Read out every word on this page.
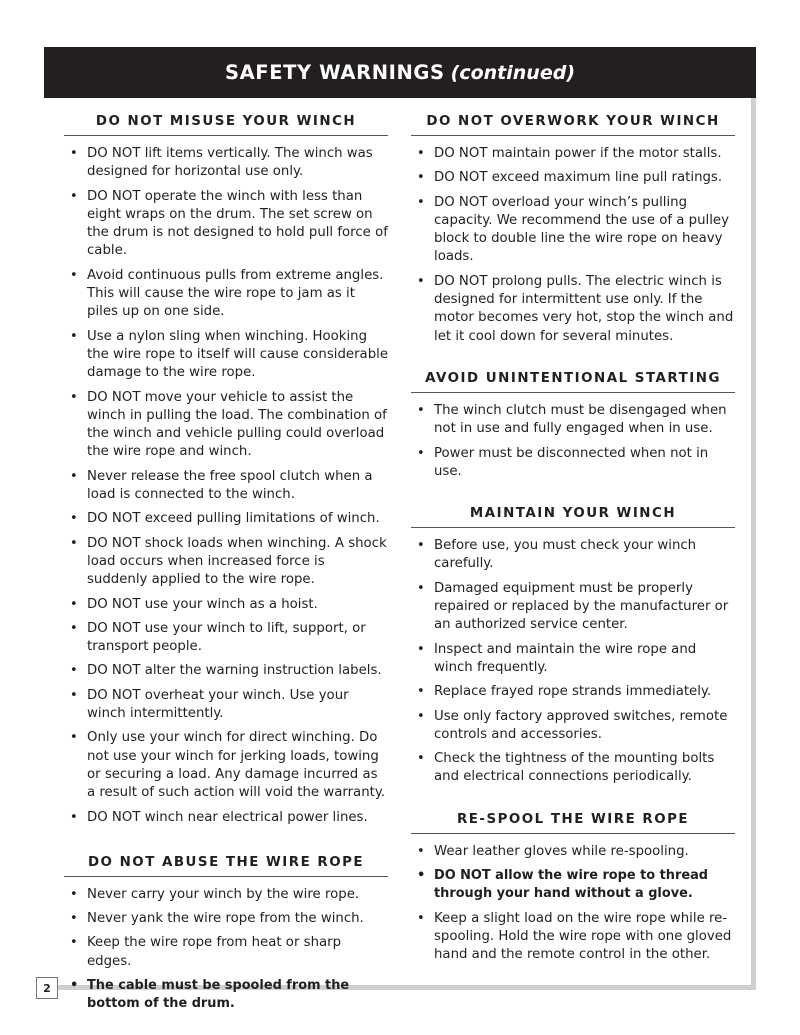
SAFETY WARNINGS (continued)
DO NOT MISUSE YOUR WINCH
• DO NOT lift items vertically. The winch was designed for horizontal use only.
• DO NOT operate the winch with less than eight wraps on the drum. The set screw on the drum is not designed to hold pull force of cable.
• Avoid continuous pulls from extreme angles. This will cause the wire rope to jam as it piles up on one side.
• Use a nylon sling when winching. Hooking the wire rope to itself will cause considerable damage to the wire rope.
• DO NOT move your vehicle to assist the winch in pulling the load. The combination of the winch and vehicle pulling could overload the wire rope and winch.
• Never release the free spool clutch when a load is connected to the winch.
• DO NOT exceed pulling limitations of winch.
• DO NOT shock loads when winching. A shock load occurs when increased force is suddenly applied to the wire rope.
• DO NOT use your winch as a hoist.
• DO NOT use your winch to lift, support, or transport people.
• DO NOT alter the warning instruction labels.
• DO NOT overheat your winch. Use your winch intermittently.
• Only use your winch for direct winching. Do not use your winch for jerking loads, towing or securing a load. Any damage incurred as a result of such action will void the warranty.
• DO NOT winch near electrical power lines.
DO NOT ABUSE THE WIRE ROPE
• Never carry your winch by the wire rope.
• Never yank the wire rope from the winch.
• Keep the wire rope from heat or sharp edges.
• The cable must be spooled from the bottom of the drum.
DO NOT OVERWORK YOUR WINCH
• DO NOT maintain power if the motor stalls.
• DO NOT exceed maximum line pull ratings.
• DO NOT overload your winch’s pulling capacity. We recommend the use of a pulley block to double line the wire rope on heavy loads.
• DO NOT prolong pulls. The electric winch is designed for intermittent use only. If the motor becomes very hot, stop the winch and let it cool down for several minutes.
AVOID UNINTENTIONAL STARTING
• The winch clutch must be disengaged when not in use and fully engaged when in use.
• Power must be disconnected when not in use.
MAINTAIN YOUR WINCH
• Before use, you must check your winch carefully.
• Damaged equipment must be properly repaired or replaced by the manufacturer or an authorized service center.
• Inspect and maintain the wire rope and winch frequently.
• Replace frayed rope strands immediately.
• Use only factory approved switches, remote controls and accessories.
• Check the tightness of the mounting bolts and electrical connections periodically.
RE-SPOOL THE WIRE ROPE
• Wear leather gloves while re-spooling.
• DO NOT allow the wire rope to thread through your hand without a glove.
• Keep a slight load on the wire rope while re-spooling. Hold the wire rope with one gloved hand and the remote control in the other.
2
